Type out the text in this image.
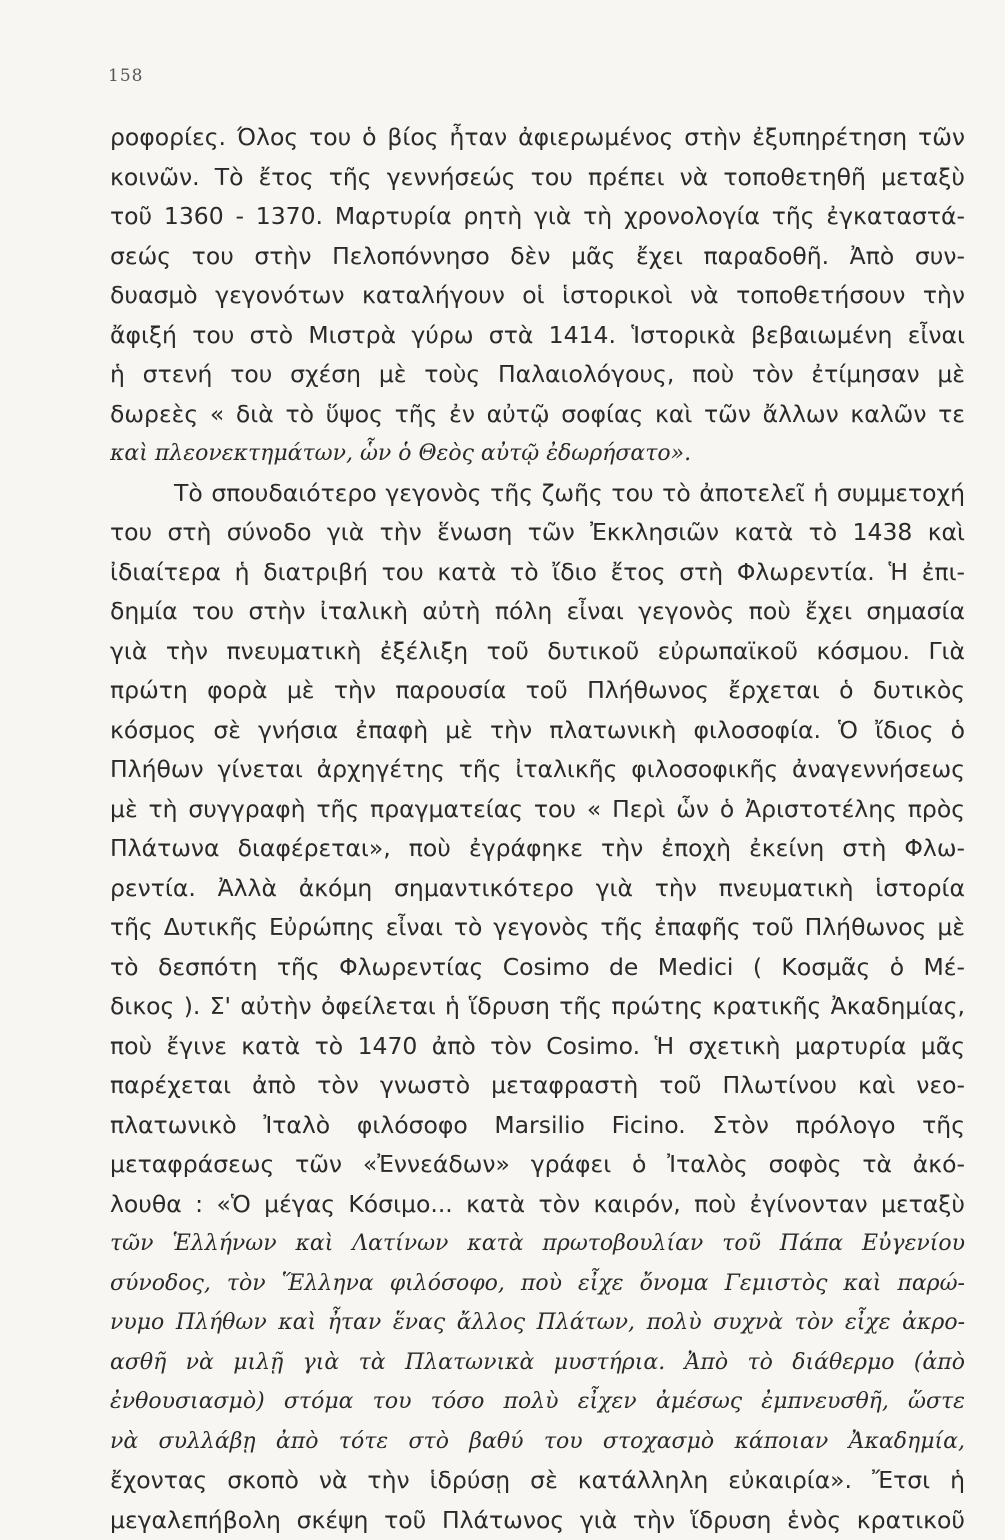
158
ροφορίες. Όλος του ὁ βίος ἦταν ἀφιερωμένος στὴν ἐξυπηρέτηση τῶν
κοινῶν. Τὸ ἔτος τῆς γεννήσεώς του πρέπει νὰ τοποθετηθῆ μεταξὺ
τοῦ 1360 - 1370. Μαρτυρία ρητὴ γιὰ τὴ χρονολογία τῆς ἐγκαταστά-
σεώς του στὴν Πελοπόννησο δὲν μᾶς ἔχει παραδοθῆ. Ἀπὸ συν-
δυασμὸ γεγονότων καταλήγουν οἱ ἱστορικοὶ νὰ τοποθετήσουν τὴν
ἄφιξή του στὸ Μιστρὰ γύρω στὰ 1414. Ἱστορικὰ βεβαιωμένη εἶναι
ἡ στενή του σχέση μὲ τοὺς Παλαιολόγους, ποὺ τὸν ἐτίμησαν μὲ
δωρεὲς « διὰ τὸ ὕψος τῆς ἐν αὐτῷ σοφίας καὶ τῶν ἄλλων καλῶν τε
καὶ πλεονεκτημάτων, ὧν ὁ Θεὸς αὐτῷ ἐδωρήσατο».
Τὸ σπουδαιότερο γεγονὸς τῆς ζωῆς του τὸ ἀποτελεῖ ἡ συμμετοχή
του στὴ σύνοδο γιὰ τὴν ἕνωση τῶν Ἐκκλησιῶν κατὰ τὸ 1438 καὶ
ἰδιαίτερα ἡ διατριβή του κατὰ τὸ ἴδιο ἔτος στὴ Φλωρεντία. Ἡ ἐπι-
δημία του στὴν ἰταλικὴ αὐτὴ πόλη εἶναι γεγονὸς ποὺ ἔχει σημασία
γιὰ τὴν πνευματικὴ ἐξέλιξη τοῦ δυτικοῦ εὐρωπαϊκοῦ κόσμου. Γιὰ
πρώτη φορὰ μὲ τὴν παρουσία τοῦ Πλήθωνος ἔρχεται ὁ δυτικὸς
κόσμος σὲ γνήσια ἐπαφὴ μὲ τὴν πλατωνικὴ φιλοσοφία. Ὁ ἴδιος ὁ
Πλήθων γίνεται ἀρχηγέτης τῆς ἰταλικῆς φιλοσοφικῆς ἀναγεννήσεως
μὲ τὴ συγγραφὴ τῆς πραγματείας του « Περὶ ὧν ὁ Ἀριστοτέλης πρὸς
Πλάτωνα διαφέρεται», ποὺ ἐγράφηκε τὴν ἐποχὴ ἐκείνη στὴ Φλω-
ρεντία. Ἀλλὰ ἀκόμη σημαντικότερο γιὰ τὴν πνευματικὴ ἱστορία
τῆς Δυτικῆς Εὐρώπης εἶναι τὸ γεγονὸς τῆς ἐπαφῆς τοῦ Πλήθωνος μὲ
τὸ δεσπότη τῆς Φλωρεντίας Cosimo de Medici ( Κοσμᾶς ὁ Μέ-
δικος ). Σ' αὐτὴν ὀφείλεται ἡ ἵδρυση τῆς πρώτης κρατικῆς Ἀκαδημίας,
ποὺ ἔγινε κατὰ τὸ 1470 ἀπὸ τὸν Cosimo. Ἡ σχετικὴ μαρτυρία μᾶς
παρέχεται ἀπὸ τὸν γνωστὸ μεταφραστὴ τοῦ Πλωτίνου καὶ νεο-
πλατωνικὸ Ἰταλὸ φιλόσοφο Marsilio Ficino. Στὸν πρόλογο τῆς
μεταφράσεως τῶν «Ἐννεάδων» γράφει ὁ Ἰταλὸς σοφὸς τὰ ἀκό-
λουθα : «Ὁ μέγας Κόσιμο... κατὰ τὸν καιρόν, ποὺ ἐγίνονταν μεταξὺ
τῶν Ἑλλήνων καὶ Λατίνων κατὰ πρωτοβουλίαν τοῦ Πάπα Εὐγενίου
σύνοδος, τὸν Ἕλληνα φιλόσοφο, ποὺ εἶχε ὄνομα Γεμιστὸς καὶ παρώ-
νυμο Πλήθων καὶ ἦταν ἕνας ἄλλος Πλάτων, πολὺ συχνὰ τὸν εἶχε ἀκρο-
ασθῆ νὰ μιλῇ γιὰ τὰ Πλατωνικὰ μυστήρια. Ἀπὸ τὸ διάθερμο (ἀπὸ
ἐνθουσιασμὸ) στόμα του τόσο πολὺ εἶχεν ἀμέσως ἐμπνευσθῆ, ὥστε
νὰ συλλάβῃ ἀπὸ τότε στὸ βαθύ του στοχασμὸ κάποιαν Ἀκαδημία,
ἔχοντας σκοπὸ νὰ τὴν ἱδρύσῃ σὲ κατάλληλη εὐκαιρία». Ἔτσι ἡ
μεγαλεπήβολη σκέψη τοῦ Πλάτωνος γιὰ τὴν ἵδρυση ἑνὸς κρατικοῦ
